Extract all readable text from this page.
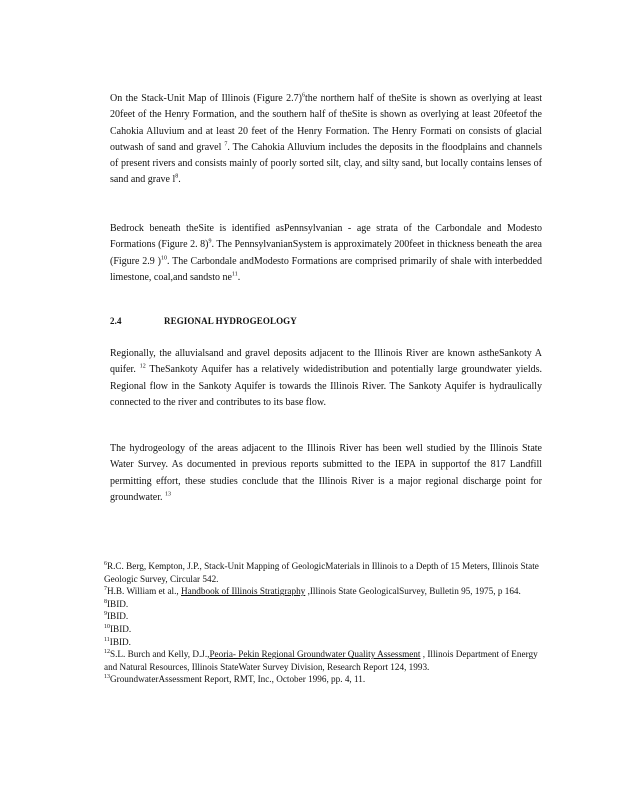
On the Stack-Unit Map of Illinois (Figure 2.7)$^6$the northern half of theSite is shown as overlying at least 20feet of the Henry Formation, and the southern half of theSite is shown as overlying at least 20feetof the Cahokia Alluvium and at least 20 feet of the Henry Formation. The Henry Formati on consists of glacial outwash of sand and gravel $^7$. The Cahokia Alluvium includes the deposits in the floodplains and channels of present rivers and consists mainly of poorly sorted silt, clay, and silty sand, but locally contains lenses of sand and grave $l^8$.

Bedrock beneath theSite is identified asPennsylvanian - age strata of the Carbondale and Modesto Formations (Figure 2. 8)$^9$. The PennsylvanianSystem is approximately 200feet in thickness beneath the area (Figure 2.9 )$^{10}$. The Carbondale andModesto Formations are comprised primarily of shale with interbedded limestone, coal,and sandsto $ne^{11}$.

2.4	REGIONAL HYDROGEOLOGY

Regionally, the alluvialsand and gravel deposits adjacent to the Illinois River are known astheSankoty A quifer. $^{12}$ TheSankoty Aquifer has a relatively widedistribution and potentially large groundwater yields. Regional flow in the Sankoty Aquifer is towards the Illinois River. The Sankoty Aquifer is hydraulically connected to the river and contributes to its base flow.

The hydrogeology of the areas adjacent to the Illinois River has been well studied by the Illinois State Water Survey. As documented in previous reports submitted to the IEPA in supportof the 817 Landfill permitting effort, these studies conclude that the Illinois River is a major regional discharge point for groundwater. $^{13}$

$^6$R.C. Berg, Kempton, J.P., Stack-Unit Mapping of GeologicMaterials in Illinois to a Depth of 15 Meters, Illinois State Geologic Survey, Circular 542.

$^7$H.B. William et al., Handbook of Illinois Stratigraphy ,Illinois State GeologicalSurvey, Bulletin 95, 1975, p 164.

$^8$IBID.

$^9$IBID.

$^{10}$IBID.

$^{11}$IBID.

$^{12}$S.L. Burch and Kelly, D.J.,Peoria- Pekin Regional Groundwater Quality Assessment , Illinois Department of Energy and Natural Resources, Illinois StateWater Survey Division, Research Report 124, 1993.

$^{13}$GroundwaterAssessment Report, RMT, Inc., October 1996, pp. 4, 11.
